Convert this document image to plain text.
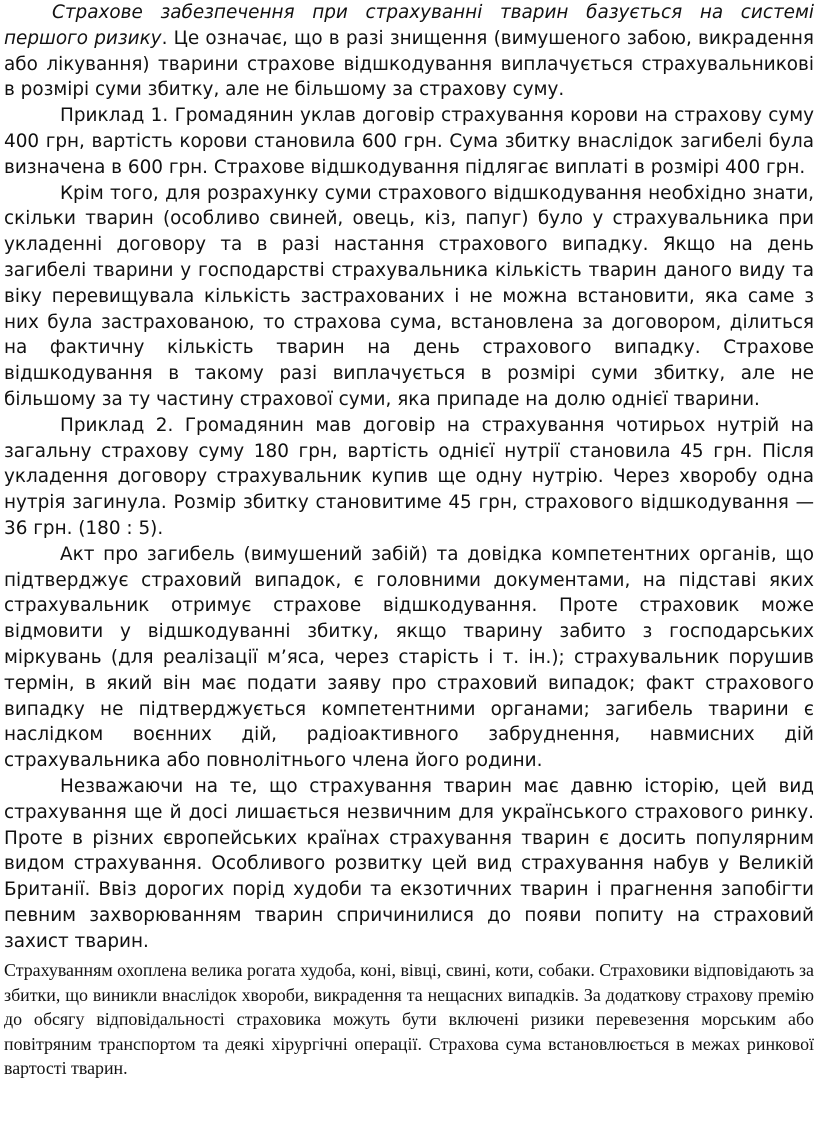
Страхове забезпечення при страхуванні тварин базується на системі першого ризику. Це означає, що в разі знищення (вимушеного забою, викрадення або лікування) тварини страхове відшкодування виплачується страхувальникові в розмірі суми збитку, але не більшому за страхову суму.

Приклад 1. Громадянин уклав договір страхування корови на страхову суму 400 грн, вартість корови становила 600 грн. Сума збитку внаслідок загибелі була визначена в 600 грн. Страхове відшкодування підлягає виплаті в розмірі 400 грн.

Крім того, для розрахунку суми страхового відшкодування необхідно знати, скільки тварин (особливо свиней, овець, кіз, папуг) було у страхувальника при укладенні договору та в разі настання страхового випадку. Якщо на день загибелі тварини у господарстві страхувальника кількість тварин даного виду та віку перевищувала кількість застрахованих і не можна встановити, яка саме з них була застрахованою, то страхова сума, встановлена за договором, ділиться на фактичну кількість тварин на день страхового випадку. Страхове відшкодування в такому разі виплачується в розмірі суми збитку, але не більшому за ту частину страхової суми, яка припаде на долю однієї тварини.

Приклад 2. Громадянин мав договір на страхування чотирьох нутрій на загальну страхову суму 180 грн, вартість однієї нутрії становила 45 грн. Після укладення договору страхувальник купив ще одну нутрію. Через хворобу одна нутрія загинула. Розмір збитку становитиме 45 грн, страхового відшкодування — 36 грн. (180 : 5).

Акт про загибель (вимушений забій) та довідка компетентних органів, що підтверджує страховий випадок, є головними документами, на підставі яких страхувальник отримує страхове відшкодування. Проте страховик може відмовити у відшкодуванні збитку, якщо тварину забито з господарських міркувань (для реалізації м’яса, через старість і т. ін.); страхувальник порушив термін, в який він має подати заяву про страховий випадок; факт страхового випадку не підтверджується компетентними органами; загибель тварини є наслідком воєнних дій, радіоактивного забруднення, навмисних дій страхувальника або повнолітнього члена його родини.

Незважаючи на те, що страхування тварин має давню історію, цей вид страхування ще й досі лишається незвичним для українського страхового ринку. Проте в різних європейських країнах страхування тварин є досить популярним видом страхування. Особливого розвитку цей вид страхування набув у Великій Британії. Ввіз дорогих порід худоби та екзотичних тварин і прагнення запобігти певним захворюванням тварин спричинилися до появи попиту на страховий захист тварин.

Страхуванням охоплена велика рогата худоба, коні, вівці, свині, коти, собаки. Страховики відповідають за збитки, що виникли внаслідок хвороби, викрадення та нещасних випадків. За додаткову страхову премію до обсягу відповідальності страховика можуть бути включені ризики перевезення морським або повітряним транспортом та деякі хірургічні операції. Страхова сума встановлюється в межах ринкової вартості тварин.
